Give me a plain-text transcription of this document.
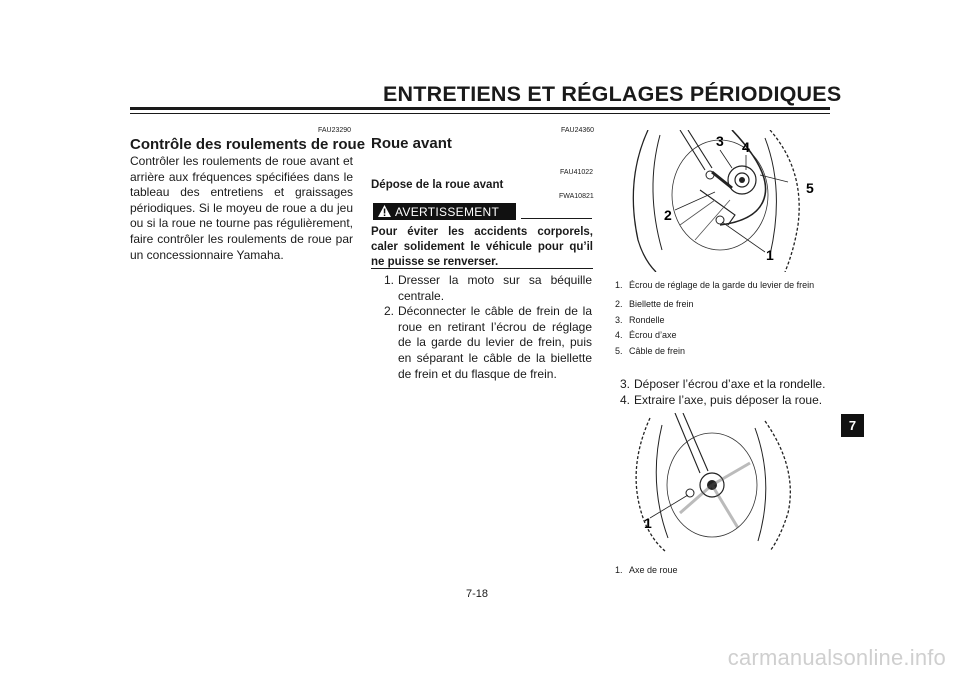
ENTRETIENS ET RÉGLAGES PÉRIODIQUES
FAU23290
Contrôle des roulements de roue
Contrôler les roulements de roue avant et arrière aux fréquences spécifiées dans le tableau des entretiens et graissages périodiques. Si le moyeu de roue a du jeu ou si la roue ne tourne pas régulièrement, faire contrôler les roulements de roue par un concessionnaire Yamaha.
FAU24360
Roue avant
FAU41022
Dépose de la roue avant
FWA10821
AVERTISSEMENT
Pour éviter les accidents corporels, caler solidement le véhicule pour qu’il ne puisse se renverser.
1. Dresser la moto sur sa béquille centrale.
2. Déconnecter le câble de frein de la roue en retirant l’écrou de réglage de la garde du levier de frein, puis en séparant le câble de la biellette de frein et du flasque de frein.
3 4
5
2
1
1. Écrou de réglage de la garde du levier de frein
2. Biellette de frein
3. Rondelle
4. Écrou d’axe
5. Câble de frein
3. Déposer l’écrou d’axe et la rondelle.
4. Extraire l’axe, puis déposer la roue.
1
1. Axe de roue
7
7-18
carmanualsonline.info
